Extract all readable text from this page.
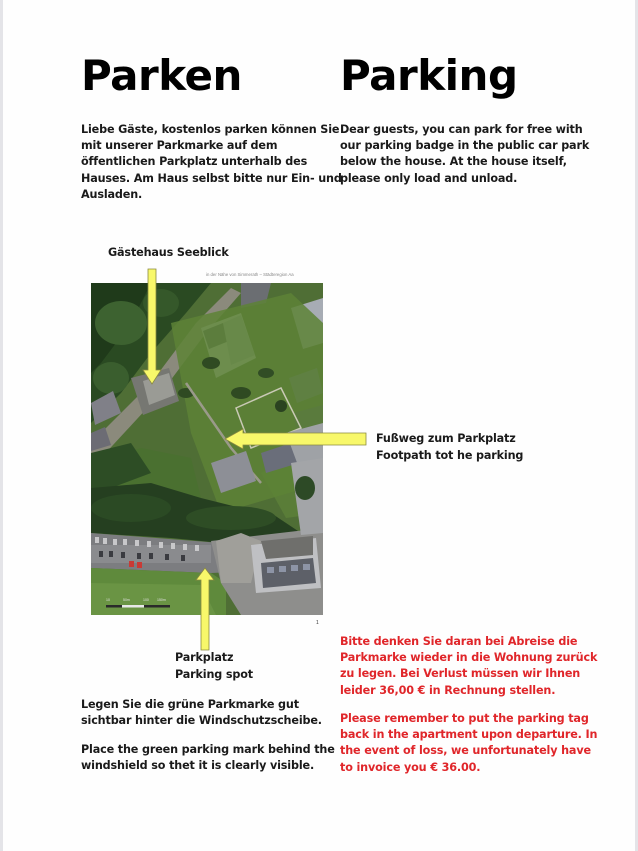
Parken Parking

Liebe Gäste, kostenlos parken können Sie
mit unserer Parkmarke auf dem
öffentlichen Parkplatz unterhalb des
Hauses. Am Haus selbst bitte nur Ein- und
Ausladen.

Dear guests, you can park for free with
our parking badge in the public car park
below the house. At the house itself,
please only load and unload.

Gästehaus Seeblick

in der Nähe von Simmerath – Städteregion Aa
10	50m	100 150m
1

Fußweg zum Parkplatz
Footpath tot he parking

Parkplatz
Parking spot

Legen Sie die grüne Parkmarke gut
sichtbar hinter die Windschutzscheibe.

Place the green parking mark behind the
windshield so thet it is clearly visible.

Bitte denken Sie daran bei Abreise die
Parkmarke wieder in die Wohnung zurück
zu legen. Bei Verlust müssen wir Ihnen
leider 36,00 € in Rechnung stellen.

Please remember to put the parking tag
back in the apartment upon departure. In
the event of loss, we unfortunately have
to invoice you € 36.00.
